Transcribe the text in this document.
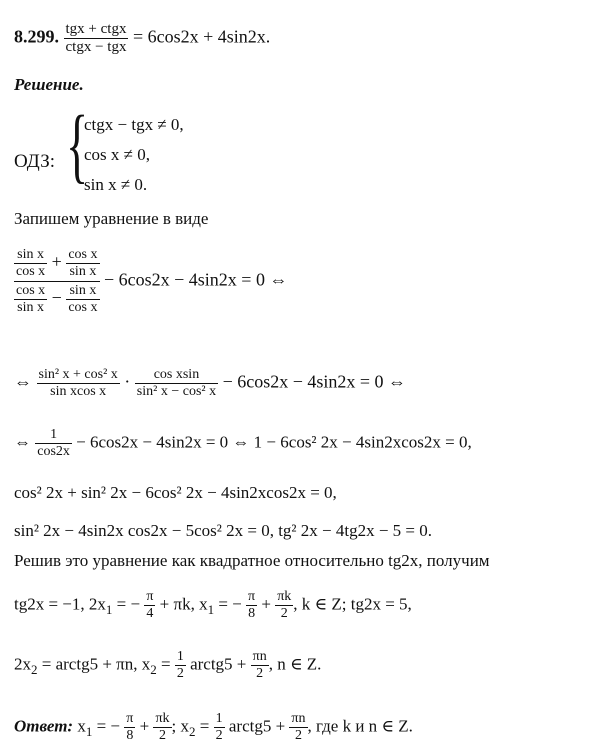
8.299. $\frac{\text{tgx + ctgx}}{\text{ctgx − tgx}} = 6\cos 2x + 4\sin 2x$.
Решение.
ОДЗ: {
ctgx − tgx ≠ 0,
cos x ≠ 0,
sin x ≠ 0.
Запишем уравнение в виде
$\frac{\text{sin x}}{\text{cos x}} + \frac{\text{cos x}}{\text{sin x}}$
$\frac{\text{cos x}}{\text{sin x}} - \frac{\text{sin x}}{\text{cos x}}$
− 6cos2x − 4sin2x = 0 ⇔
⇔ $\frac{\text{sin² x + cos² x}}{\text{sin xcos x}} \cdot \frac{\text{cos xsin}}{\text{sin² x − cos² x}} - 6\cos 2x - 4\sin 2x = 0$ ⇔
⇔ $\frac{1}{\cos 2x} - 6\cos 2x - 4\sin 2x = 0$ ⇔ 1 − 6cos² 2x − 4sin2xcos2x = 0,
cos² 2x + sin² 2x − 6cos² 2x − 4sin2xcos2x = 0,
sin² 2x − 4sin2x cos2x − 5cos² 2x = 0, tg² 2x − 4tg2x − 5 = 0.
Решив это уравнение как квадратное относительно tg2x, получим
tg2x = −1, $2x_1$ = − $\frac{\pi}{4} + \pi k$, $x_1$ = − $\frac{\pi}{8} + \frac{\pi k}{2}$ , k ∈ Z; tg2x = 5,
$2x_2$ = arctg5 + πn, $x_2 = \frac{1}{2}$ arctg5 + $\frac{\pi n}{2}$ , n ∈ Z.
Ответ: $x_1$ = − $\frac{\pi}{8} + \frac{\pi k}{2}$ ; $x_2 = \frac{1}{2}$ arctg5 + $\frac{\pi n}{2}$ , где k и n ∈ Z.
